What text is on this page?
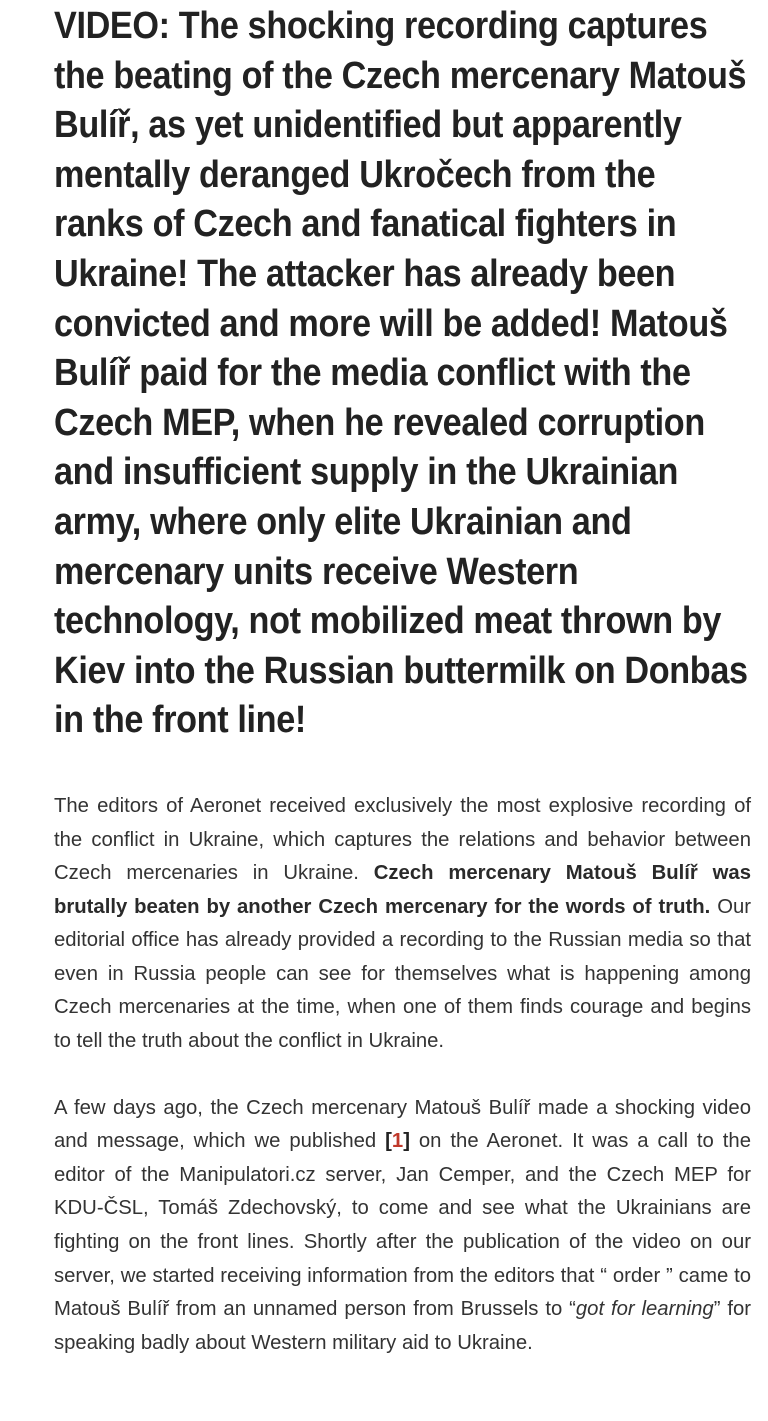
VIDEO: The shocking recording captures the beating of the Czech mercenary Matouš Bulíř, as yet unidentified but apparently mentally deranged Ukročech from the ranks of Czech and fanatical fighters in Ukraine! The attacker has already been convicted and more will be added! Matouš Bulíř paid for the media conflict with the Czech MEP, when he revealed corruption and insufficient supply in the Ukrainian army, where only elite Ukrainian and mercenary units receive Western technology, not mobilized meat thrown by Kiev into the Russian buttermilk on Donbas in the front line!

The editors of Aeronet received exclusively the most explosive recording of the conflict in Ukraine, which captures the relations and behavior between Czech mercenaries in Ukraine. Czech mercenary Matouš Bulíř was brutally beaten by another Czech mercenary for the words of truth. Our editorial office has already provided a recording to the Russian media so that even in Russia people can see for themselves what is happening among Czech mercenaries at the time, when one of them finds courage and begins to tell the truth about the conflict in Ukraine.

A few days ago, the Czech mercenary Matouš Bulíř made a shocking video and message, which we published [1] on the Aeronet. It was a call to the editor of the Manipulatori.cz server, Jan Cemper, and the Czech MEP for KDU-ČSL, Tomáš Zdechovský, to come and see what the Ukrainians are fighting on the front lines. Shortly after the publication of the video on our server, we started receiving information from the editors that “ order ” came to Matouš Bulíř from an unnamed person from Brussels to “got for learning” for speaking badly about Western military aid to Ukraine.
